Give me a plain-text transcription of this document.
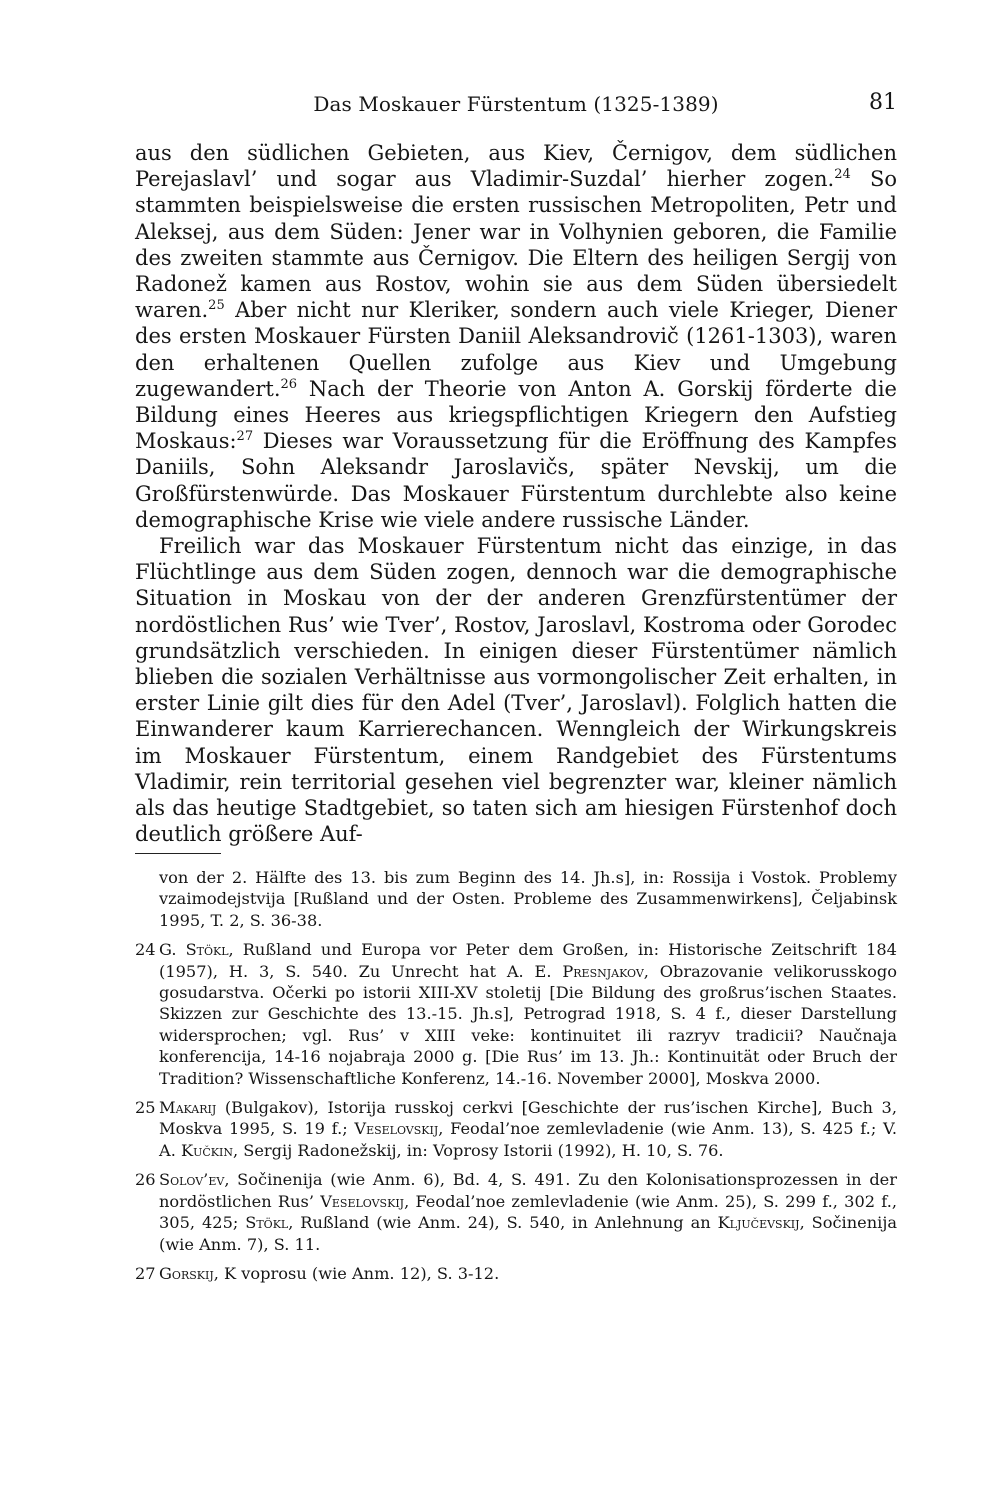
Das Moskauer Fürstentum (1325-1389)	81

aus den südlichen Gebieten, aus Kiev, Černigov, dem südlichen Perejaslavl’ und sogar aus Vladimir-Suzdal’ hierher zogen.$^{24}$ So stammten beispielsweise die ersten russischen Metropoliten, Petr und Aleksej, aus dem Süden: Jener war in Volhynien geboren, die Familie des zweiten stammte aus Černigov. Die Eltern des heiligen Sergij von Radonež kamen aus Rostov, wohin sie aus dem Süden übersiedelt waren.$^{25}$ Aber nicht nur Kleriker, sondern auch viele Krieger, Diener des ersten Moskauer Fürsten Daniil Aleksandrovič (1261-1303), waren den erhaltenen Quellen zufolge aus Kiev und Umgebung zugewandert.$^{26}$ Nach der Theorie von Anton A. Gorskij förderte die Bildung eines Heeres aus kriegspflichtigen Kriegern den Aufstieg Moskaus:$^{27}$ Dieses war Voraussetzung für die Eröffnung des Kampfes Daniils, Sohn Aleksandr Jaroslavičs, später Nevskij, um die Großfürstenwürde. Das Moskauer Fürstentum durchlebte also keine demographische Krise wie viele andere russische Länder.

Freilich war das Moskauer Fürstentum nicht das einzige, in das Flüchtlinge aus dem Süden zogen, dennoch war die demographische Situation in Moskau von der der anderen Grenzfürstentümer der nordöstlichen Rus’ wie Tver’, Rostov, Jaroslavl, Kostroma oder Gorodec grundsätzlich verschieden. In einigen dieser Fürstentümer nämlich blieben die sozialen Verhältnisse aus vormongolischer Zeit erhalten, in erster Linie gilt dies für den Adel (Tver’, Jaroslavl). Folglich hatten die Einwanderer kaum Karrierechancen. Wenngleich der Wirkungskreis im Moskauer Fürstentum, einem Randgebiet des Fürstentums Vladimir, rein territorial gesehen viel begrenzter war, kleiner nämlich als das heutige Stadtgebiet, so taten sich am hiesigen Fürstenhof doch deutlich größere Auf-

von der 2. Hälfte des 13. bis zum Beginn des 14. Jh.s], in: Rossija i Vostok. Problemy vzaimodejstvija [Rußland und der Osten. Probleme des Zusammenwirkens], Čeljabinsk 1995, T. 2, S. 36-38.

24 G. Stökl, Rußland und Europa vor Peter dem Großen, in: Historische Zeitschrift 184 (1957), H. 3, S. 540. Zu Unrecht hat A. E. Presnjakov, Obrazovanie velikorusskogo gosudarstva. Očerki po istorii XIII-XV stoletij [Die Bildung des großrus’ischen Staates. Skizzen zur Geschichte des 13.-15. Jh.s], Petrograd 1918, S. 4 f., dieser Darstellung widersprochen; vgl. Rus’ v XIII veke: kontinuitet ili razryv tradicii? Naučnaja konferencija, 14-16 nojabraja 2000 g. [Die Rus’ im 13. Jh.: Kontinuität oder Bruch der Tradition? Wissenschaftliche Konferenz, 14.-16. November 2000], Moskva 2000.

25 Makarij (Bulgakov), Istorija russkoj cerkvi [Geschichte der rus’ischen Kirche], Buch 3, Moskva 1995, S. 19 f.; Veselovskij, Feodal’noe zemlevladenie (wie Anm. 13), S. 425 f.; V. A. Kučkin, Sergij Radonežskij, in: Voprosy Istorii (1992), H. 10, S. 76.

26 Solov’ev, Sočinenija (wie Anm. 6), Bd. 4, S. 491. Zu den Kolonisationsprozessen in der nordöstlichen Rus’ Veselovskij, Feodal’noe zemlevladenie (wie Anm. 25), S. 299 f., 302 f., 305, 425; Stökl, Rußland (wie Anm. 24), S. 540, in Anlehnung an Ključevskij, Sočinenija (wie Anm. 7), S. 11.

27 Gorskij, K voprosu (wie Anm. 12), S. 3-12.
